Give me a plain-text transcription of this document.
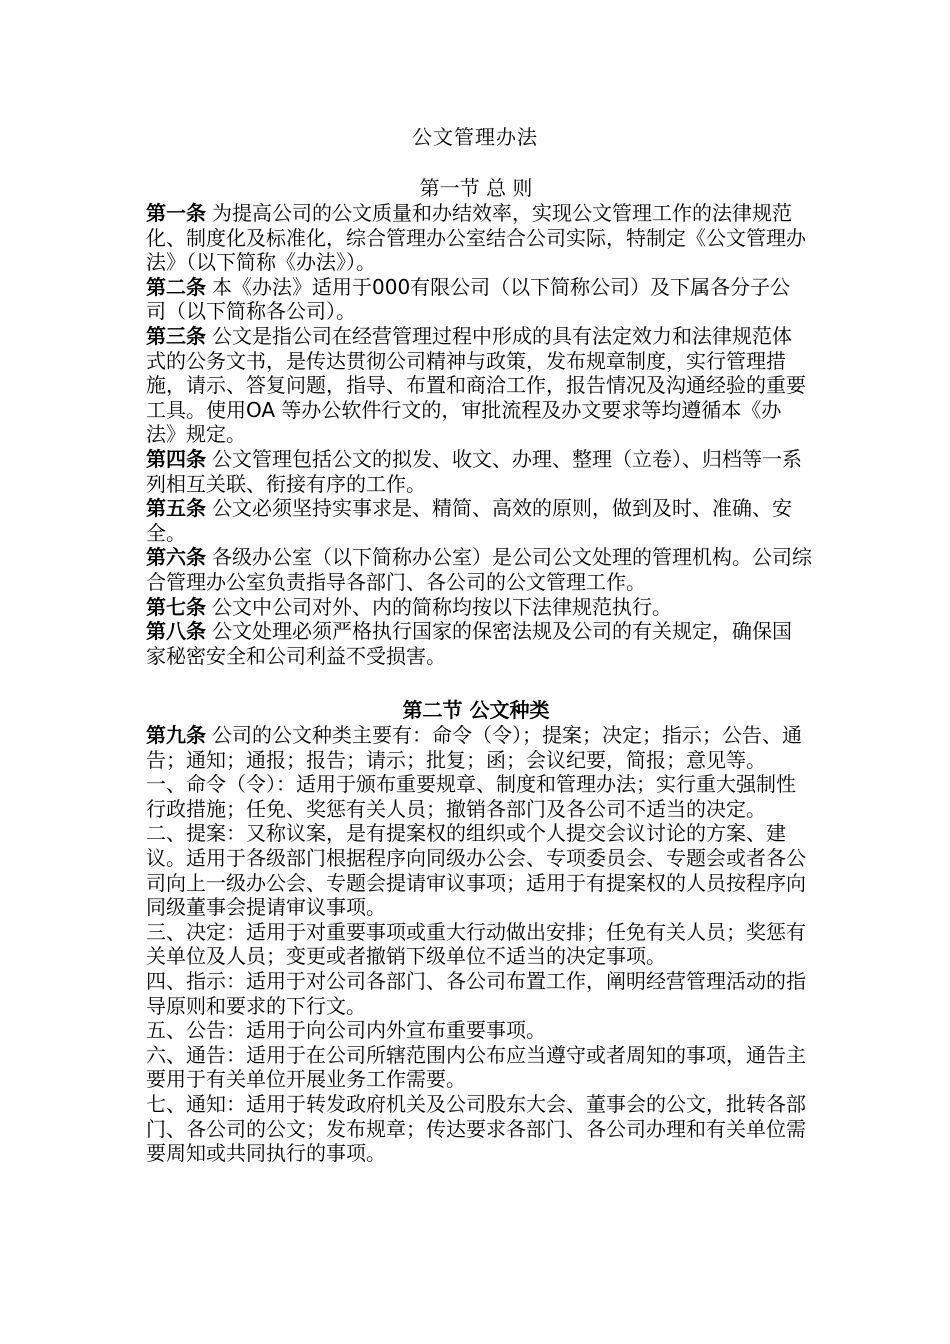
公文管理办法
第一节 总 则

第一条 为提高公司的公文质量和办结效率，实现公文管理工作的法律规范化、制度化及标准化，综合管理办公室结合公司实际，特制定《公文管理办法》（以下简称《办法》）。

第二条 本《办法》适用于000有限公司（以下简称公司）及下属各分子公司（以下简称各公司）。

第三条 公文是指公司在经营管理过程中形成的具有法定效力和法律规范体式的公务文书，是传达贯彻公司精神与政策，发布规章制度，实行管理措施，请示、答复问题，指导、布置和商洽工作，报告情况及沟通经验的重要工具。使用OA 等办公软件行文的，审批流程及办文要求等均遵循本《办法》规定。

第四条 公文管理包括公文的拟发、收文、办理、整理（立卷）、归档等一系列相互关联、衔接有序的工作。

第五条 公文必须坚持实事求是、精简、高效的原则，做到及时、准确、安全。

第六条 各级办公室（以下简称办公室）是公司公文处理的管理机构。公司综合管理办公室负责指导各部门、各公司的公文管理工作。

第七条 公文中公司对外、内的简称均按以下法律规范执行。

第八条 公文处理必须严格执行国家的保密法规及公司的有关规定，确保国家秘密安全和公司利益不受损害。

第二节 公文种类

第九条 公司的公文种类主要有：命令（令）；提案；决定；指示；公告、通告；通知；通报；报告；请示；批复；函；会议纪要，简报；意见等。

一、命令（令）：适用于颁布重要规章、制度和管理办法；实行重大强制性行政措施；任免、奖惩有关人员；撤销各部门及各公司不适当的决定。

二、提案：又称议案，是有提案权的组织或个人提交会议讨论的方案、建议。适用于各级部门根据程序向同级办公会、专项委员会、专题会或者各公司向上一级办公会、专题会提请审议事项；适用于有提案权的人员按程序向同级董事会提请审议事项。

三、决定：适用于对重要事项或重大行动做出安排；任免有关人员；奖惩有关单位及人员；变更或者撤销下级单位不适当的决定事项。

四、指示：适用于对公司各部门、各公司布置工作，阐明经营管理活动的指导原则和要求的下行文。

五、公告：适用于向公司内外宣布重要事项。

六、通告：适用于在公司所辖范围内公布应当遵守或者周知的事项，通告主要用于有关单位开展业务工作需要。

七、通知：适用于转发政府机关及公司股东大会、董事会的公文，批转各部门、各公司的公文；发布规章；传达要求各部门、各公司办理和有关单位需要周知或共同执行的事项。
